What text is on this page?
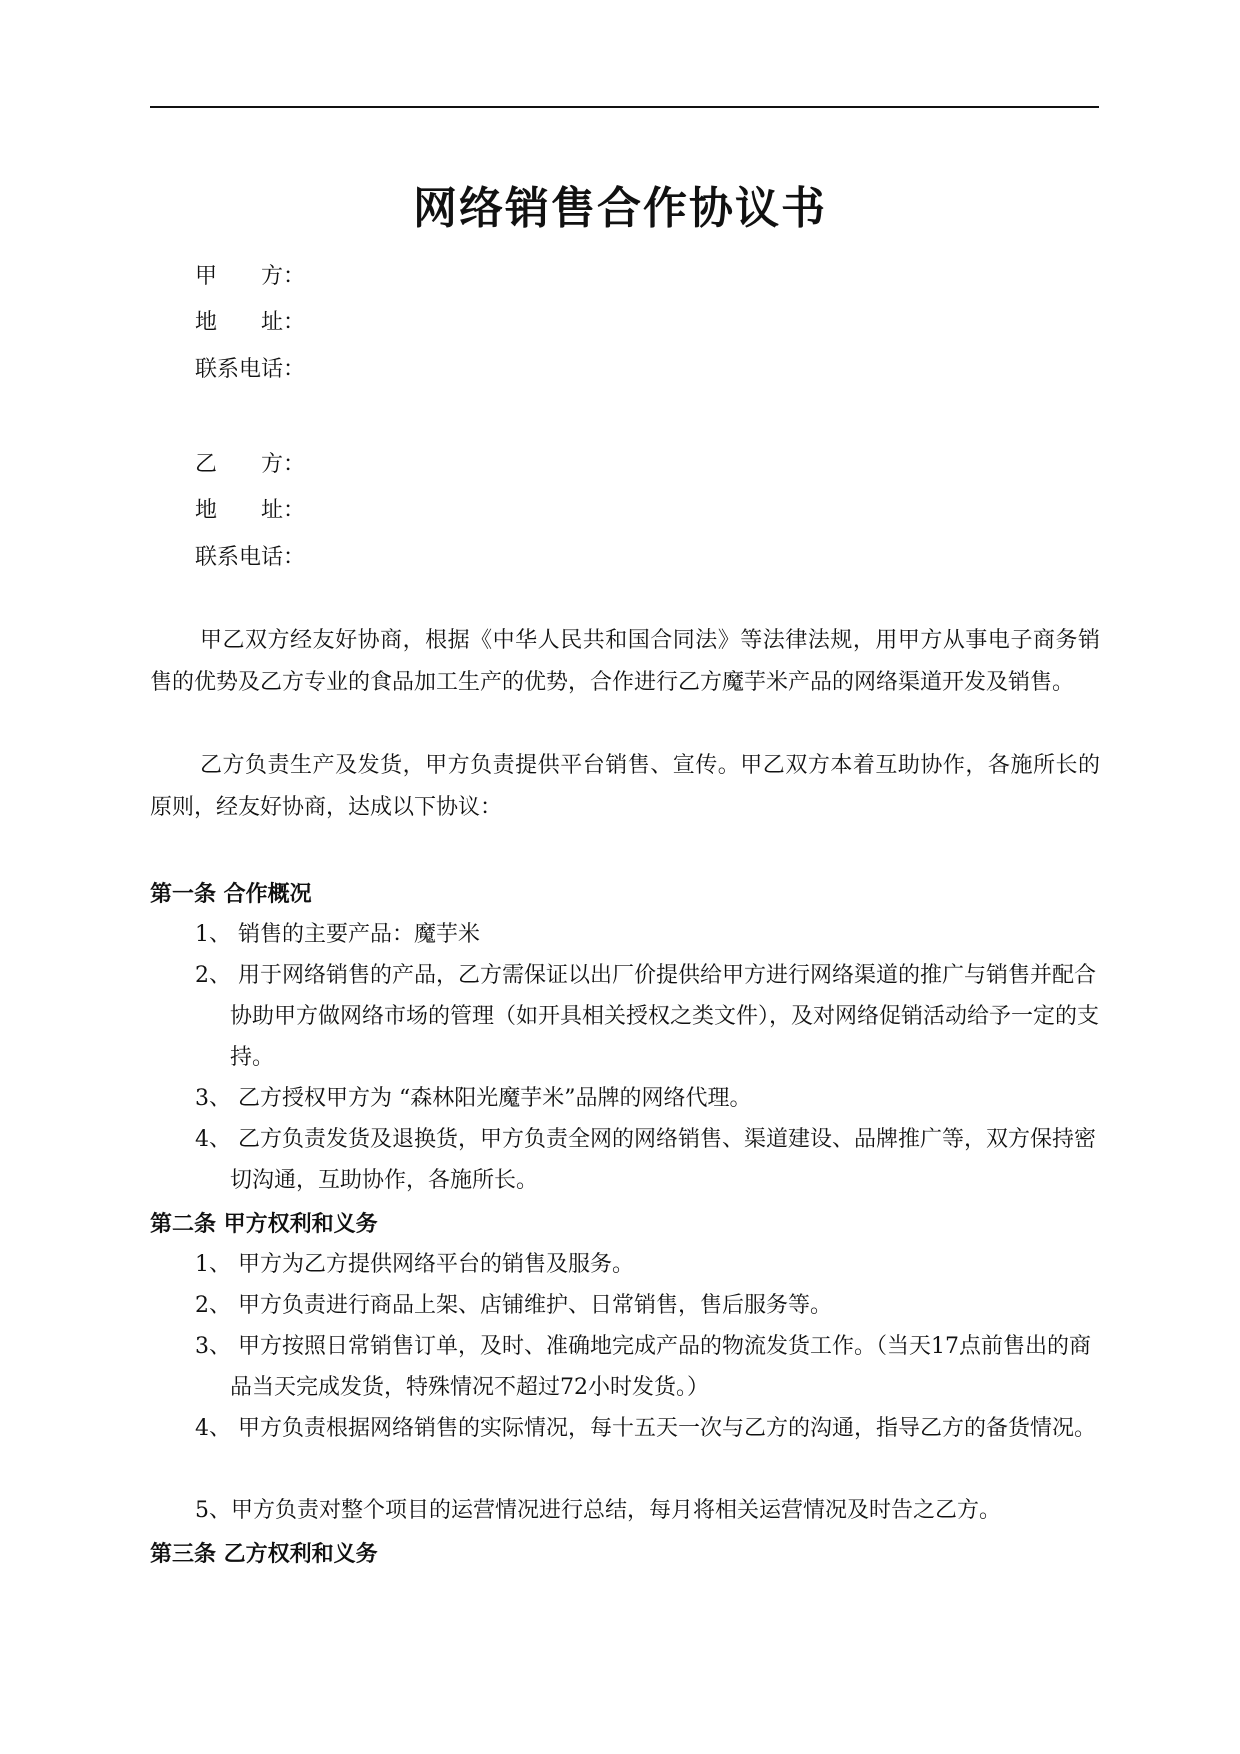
网络销售合作协议书
甲　　方：
地　　址：
联系电话：
乙　　方：
地　　址：
联系电话：
甲乙双方经友好协商，根据《中华人民共和国合同法》等法律法规，用甲方从事电子商务销售的优势及乙方专业的食品加工生产的优势，合作进行乙方魔芋米产品的网络渠道开发及销售。
乙方负责生产及发货，甲方负责提供平台销售、宣传。甲乙双方本着互助协作，各施所长的原则，经友好协商，达成以下协议：
第一条 合作概况
1、 销售的主要产品：魔芋米
2、 用于网络销售的产品，乙方需保证以出厂价提供给甲方进行网络渠道的推广与销售并配合协助甲方做网络市场的管理（如开具相关授权之类文件），及对网络促销活动给予一定的支持。
3、 乙方授权甲方为 “森林阳光魔芋米”品牌的网络代理。
4、 乙方负责发货及退换货，甲方负责全网的网络销售、渠道建设、品牌推广等，双方保持密切沟通，互助协作，各施所长。
第二条 甲方权利和义务
1、 甲方为乙方提供网络平台的销售及服务。
2、 甲方负责进行商品上架、店铺维护、日常销售，售后服务等。
3、 甲方按照日常销售订单，及时、准确地完成产品的物流发货工作。（当天17点前售出的商品当天完成发货，特殊情况不超过72小时发货。）
4、 甲方负责根据网络销售的实际情况，每十五天一次与乙方的沟通，指导乙方的备货情况。
5、甲方负责对整个项目的运营情况进行总结，每月将相关运营情况及时告之乙方。
第三条 乙方权利和义务
